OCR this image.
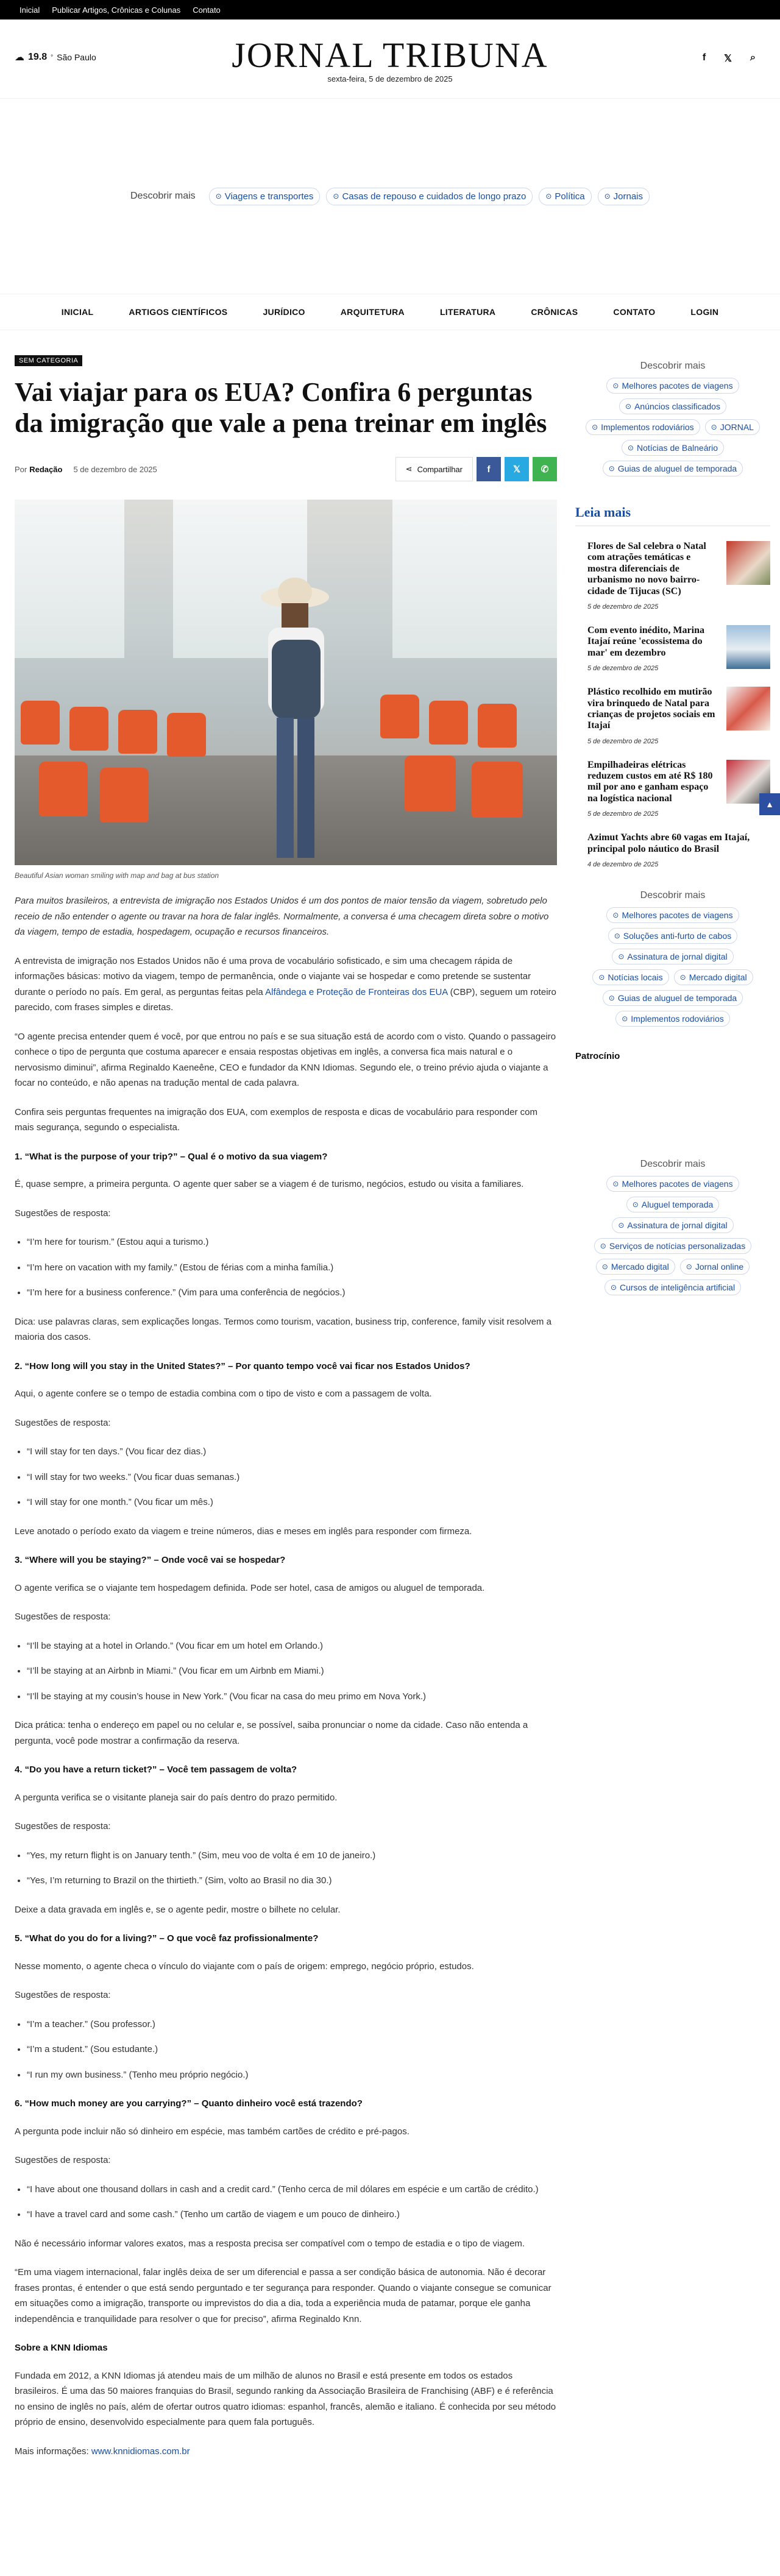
Inicial Publicar Artigos, Crônicas e Colunas Contato
☁ 19.8 ° São Paulo	JORNAL TRIBUNA
sexta-feira, 5 de dezembro de 2025
f 𝕏 ⌕
Descobrir mais	⊙ Viagens e transportes	⊙ Casas de repouso e cuidados de longo prazo	⊙ Política	⊙ Jornais
INICIAL	ARTIGOS CIENTÍFICOS	JURÍDICO	ARQUITETURA	LITERATURA	CRÔNICAS	CONTATO	LOGIN
SEM CATEGORIA
Vai viajar para os EUA? Confira 6 perguntas da imigração que vale a pena treinar em inglês
Por Redação 5 de dezembro de 2025	⋖ Compartilhar	f	𝕏	✆
Beautiful Asian woman smiling with map and bag at bus station

Para muitos brasileiros, a entrevista de imigração nos Estados Unidos é um dos pontos de maior tensão da viagem, sobretudo pelo receio de não entender o agente ou travar na hora de falar inglês. Normalmente, a conversa é uma checagem direta sobre o motivo da viagem, tempo de estadia, hospedagem, ocupação e recursos financeiros.

A entrevista de imigração nos Estados Unidos não é uma prova de vocabulário sofisticado, e sim uma checagem rápida de informações básicas: motivo da viagem, tempo de permanência, onde o viajante vai se hospedar e como pretende se sustentar durante o período no país. Em geral, as perguntas feitas pela Alfândega e Proteção de Fronteiras dos EUA (CBP), seguem um roteiro parecido, com frases simples e diretas.

“O agente precisa entender quem é você, por que entrou no país e se sua situação está de acordo com o visto. Quando o passageiro conhece o tipo de pergunta que costuma aparecer e ensaia respostas objetivas em inglês, a conversa fica mais natural e o nervosismo diminui”, afirma Reginaldo Kaeneêne, CEO e fundador da KNN Idiomas. Segundo ele, o treino prévio ajuda o viajante a focar no conteúdo, e não apenas na tradução mental de cada palavra.

Confira seis perguntas frequentes na imigração dos EUA, com exemplos de resposta e dicas de vocabulário para responder com mais segurança, segundo o especialista.

1. “What is the purpose of your trip?” – Qual é o motivo da sua viagem?

É, quase sempre, a primeira pergunta. O agente quer saber se a viagem é de turismo, negócios, estudo ou visita a familiares.

Sugestões de resposta:

• “I’m here for tourism.” (Estou aqui a turismo.)
• “I’m here on vacation with my family.” (Estou de férias com a minha família.)
• “I’m here for a business conference.” (Vim para uma conferência de negócios.)

Dica: use palavras claras, sem explicações longas. Termos como tourism, vacation, business trip, conference, family visit resolvem a maioria dos casos.

2. “How long will you stay in the United States?” – Por quanto tempo você vai ficar nos Estados Unidos?

Aqui, o agente confere se o tempo de estadia combina com o tipo de visto e com a passagem de volta.

Sugestões de resposta:

• “I will stay for ten days.” (Vou ficar dez dias.)
• “I will stay for two weeks.” (Vou ficar duas semanas.)
• “I will stay for one month.” (Vou ficar um mês.)

Leve anotado o período exato da viagem e treine números, dias e meses em inglês para responder com firmeza.

3. “Where will you be staying?” – Onde você vai se hospedar?

O agente verifica se o viajante tem hospedagem definida. Pode ser hotel, casa de amigos ou aluguel de temporada.

Sugestões de resposta:

• “I’ll be staying at a hotel in Orlando.” (Vou ficar em um hotel em Orlando.)
• “I’ll be staying at an Airbnb in Miami.” (Vou ficar em um Airbnb em Miami.)
• “I’ll be staying at my cousin’s house in New York.” (Vou ficar na casa do meu primo em Nova York.)

Dica prática: tenha o endereço em papel ou no celular e, se possível, saiba pronunciar o nome da cidade. Caso não entenda a pergunta, você pode mostrar a confirmação da reserva.

4. “Do you have a return ticket?” – Você tem passagem de volta?

A pergunta verifica se o visitante planeja sair do país dentro do prazo permitido.

Sugestões de resposta:

• “Yes, my return flight is on January tenth.” (Sim, meu voo de volta é em 10 de janeiro.)
• “Yes, I’m returning to Brazil on the thirtieth.” (Sim, volto ao Brasil no dia 30.)

Deixe a data gravada em inglês e, se o agente pedir, mostre o bilhete no celular.

5. “What do you do for a living?” – O que você faz profissionalmente?

Nesse momento, o agente checa o vínculo do viajante com o país de origem: emprego, negócio próprio, estudos.

Sugestões de resposta:

• “I’m a teacher.” (Sou professor.)
• “I’m a student.” (Sou estudante.)
• “I run my own business.” (Tenho meu próprio negócio.)
6. “How much money are you carrying?” – Quanto dinheiro você está trazendo?

A pergunta pode incluir não só dinheiro em espécie, mas também cartões de crédito e pré-pagos.

Sugestões de resposta:

• “I have about one thousand dollars in cash and a credit card.” (Tenho cerca de mil dólares em espécie e um cartão de crédito.)
• “I have a travel card and some cash.” (Tenho um cartão de viagem e um pouco de dinheiro.)

Não é necessário informar valores exatos, mas a resposta precisa ser compatível com o tempo de estadia e o tipo de viagem.

“Em uma viagem internacional, falar inglês deixa de ser um diferencial e passa a ser condição básica de autonomia. Não é decorar frases prontas, é entender o que está sendo perguntado e ter segurança para responder. Quando o viajante consegue se comunicar em situações como a imigração, transporte ou imprevistos do dia a dia, toda a experiência muda de patamar, porque ele ganha independência e tranquilidade para resolver o que for preciso”, afirma Reginaldo Knn.

Sobre a KNN Idiomas

Fundada em 2012, a KNN Idiomas já atendeu mais de um milhão de alunos no Brasil e está presente em todos os estados brasileiros. É uma das 50 maiores franquias do Brasil, segundo ranking da Associação Brasileira de Franchising (ABF) e é referência no ensino de inglês no país, além de ofertar outros quatro idiomas: espanhol, francês, alemão e italiano. É conhecida por seu método próprio de ensino, desenvolvido especialmente para quem fala português.

Mais informações: www.knnidiomas.com.br

Descobrir mais
⊙ Melhores pacotes de viagens
⊙ Anúncios classificados
⊙ Implementos rodoviários ⊙ JORNAL
⊙ Notícias de Balneário
⊙ Guias de aluguel de temporada
Leia mais
Flores de Sal celebra o Natal com atrações temáticas e mostra diferenciais de urbanismo no novo bairro-cidade de Tijucas (SC)
5 de dezembro de 2025
Com evento inédito, Marina Itajaí reúne 'ecossistema do mar' em dezembro
5 de dezembro de 2025
Plástico recolhido em mutirão vira brinquedo de Natal para crianças de projetos sociais em Itajaí
5 de dezembro de 2025
Empilhadeiras elétricas reduzem custos em até R$ 180 mil por ano e ganham espaço na logística nacional
5 de dezembro de 2025
Azimut Yachts abre 60 vagas em Itajaí, principal polo náutico do Brasil
4 de dezembro de 2025
Descobrir mais
⊙ Melhores pacotes de viagens
⊙ Soluções anti-furto de cabos
⊙ Assinatura de jornal digital
⊙ Notícias locais ⊙ Mercado digital
⊙ Guias de aluguel de temporada
⊙ Implementos rodoviários
Patrocínio
Descobrir mais
⊙ Melhores pacotes de viagens
⊙ Aluguel temporada
⊙ Assinatura de jornal digital
⊙ Serviços de notícias personalizadas
⊙ Mercado digital ⊙ Jornal online
⊙ Cursos de inteligência artificial
▲
